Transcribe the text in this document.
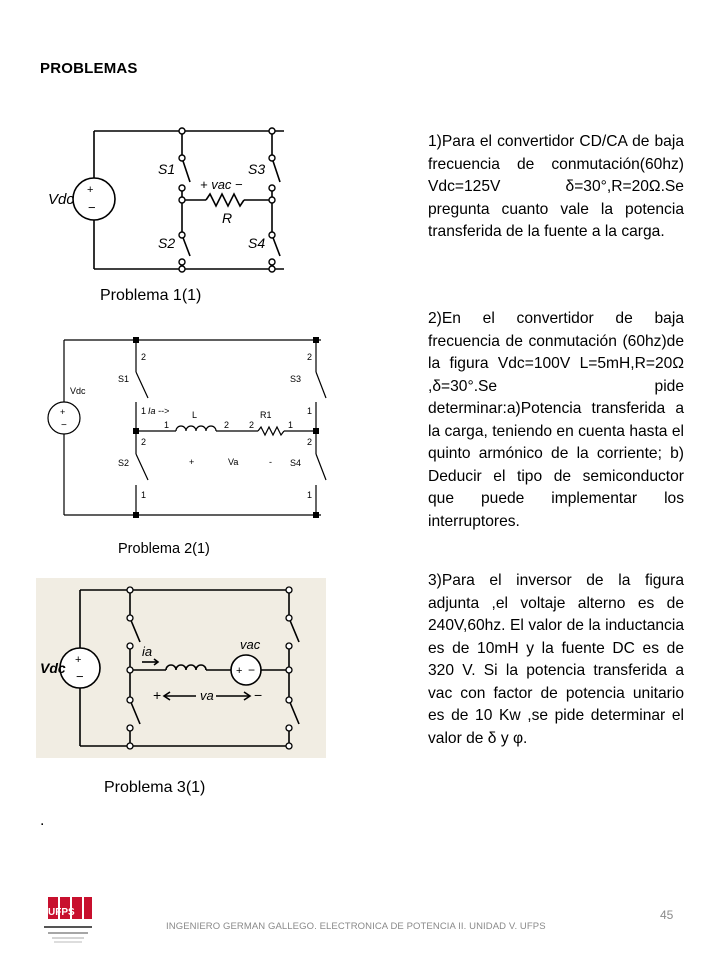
PROBLEMAS
+
−
Vdc
S1
S2
S3
S4
+ vac −
R
Problema 1(1)
+
−
Vdc
S1
S2
S3
S4
2
1
2
1
2
1
2
1
1	2 2	1
Ia -->	L	R1
+	Va	-
Problema 2(1)
+
−	+ −
Vdc
ia	vac
va
+	−
Problema 3(1)
1)Para el convertidor CD/CA de baja frecuencia de conmutación(60hz) Vdc=125V δ=30°,R=20Ω.Se pregunta cuanto vale la potencia transferida de la fuente a la carga.
2)En el convertidor de baja frecuencia de conmutación (60hz)de la figura Vdc=100V L=5mH,R=20Ω ,δ=30°.Se pide determinar:a)Potencia transferida a la carga, teniendo en cuenta hasta el quinto armónico de la corriente; b) Deducir el tipo de semiconductor que puede implementar los interruptores.
3)Para el inversor de la figura adjunta ,el voltaje alterno es de 240V,60hz. El valor de la inductancia es de 10mH y la fuente DC es de 320 V. Si la potencia transferida a vac con factor de potencia unitario es de 10 Kw ,se pide determinar el valor de δ y φ.
.
UFPS
INGENIERO GERMAN GALLEGO. ELECTRONICA DE POTENCIA II. UNIDAD V. UFPS
45
